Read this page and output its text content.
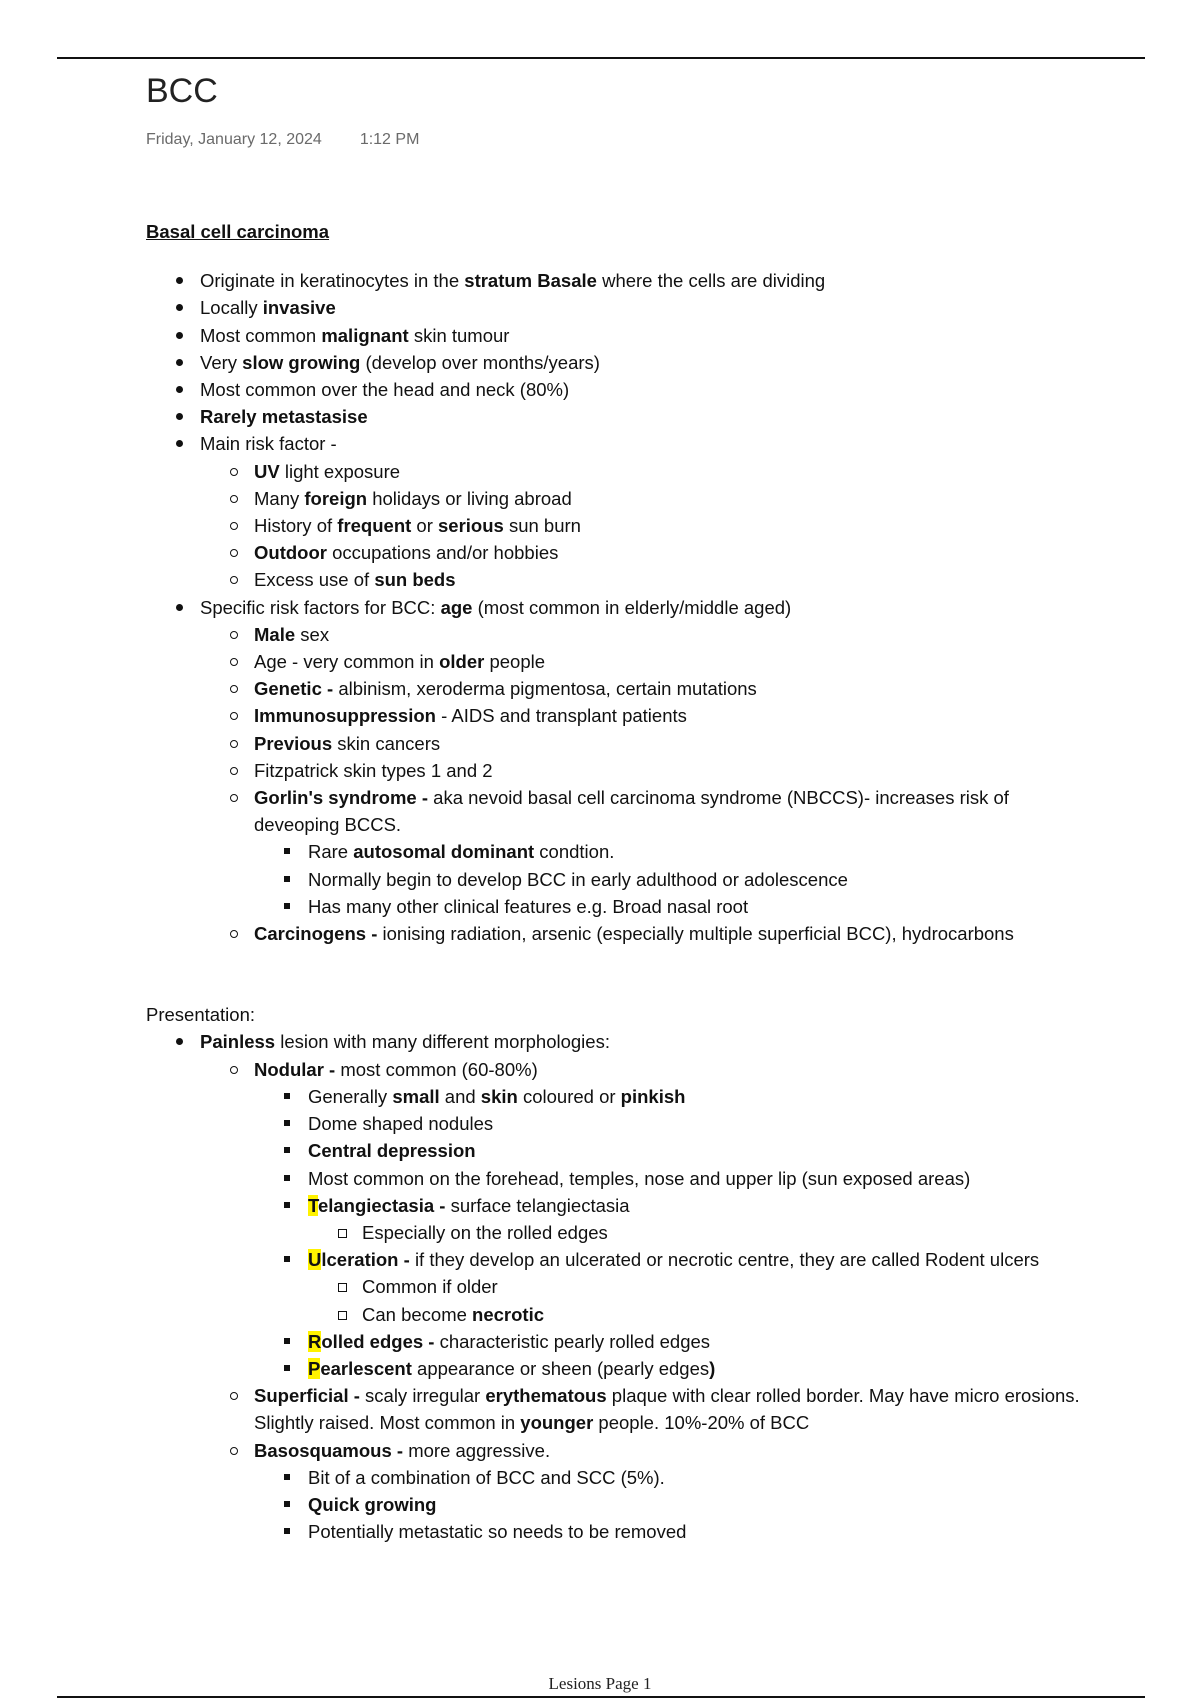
BCC
Friday, January 12, 2024 1:12 PM
Basal cell carcinoma
Originate in keratinocytes in the stratum Basale where the cells are dividing
Locally invasive
Most common malignant skin tumour
Very slow growing (develop over months/years)
Most common over the head and neck (80%)
Rarely metastasise
Main risk factor -
UV light exposure
Many foreign holidays or living abroad
History of frequent or serious sun burn
Outdoor occupations and/or hobbies
Excess use of sun beds
Specific risk factors for BCC: age (most common in elderly/middle aged)
Male sex
Age - very common in older people
Genetic - albinism, xeroderma pigmentosa, certain mutations
Immunosuppression - AIDS and transplant patients
Previous skin cancers
Fitzpatrick skin types 1 and 2
Gorlin's syndrome - aka nevoid basal cell carcinoma syndrome (NBCCS)- increases risk of deveoping BCCS.
Rare autosomal dominant condtion.
Normally begin to develop BCC in early adulthood or adolescence
Has many other clinical features e.g. Broad nasal root
Carcinogens - ionising radiation, arsenic (especially multiple superficial BCC), hydrocarbons
Presentation:
Painless lesion with many different morphologies:
Nodular - most common (60-80%)
Generally small and skin coloured or pinkish
Dome shaped nodules
Central depression
Most common on the forehead, temples, nose and upper lip (sun exposed areas)
Telangiectasia - surface telangiectasia
Especially on the rolled edges
Ulceration - if they develop an ulcerated or necrotic centre, they are called Rodent ulcers
Common if older
Can become necrotic
Rolled edges - characteristic pearly rolled edges
Pearlescent appearance or sheen (pearly edges)
Superficial - scaly irregular erythematous plaque with clear rolled border. May have micro erosions. Slightly raised. Most common in younger people. 10%-20% of BCC
Basosquamous - more aggressive.
Bit of a combination of BCC and SCC (5%).
Quick growing
Potentially metastatic so needs to be removed
Lesions Page 1
